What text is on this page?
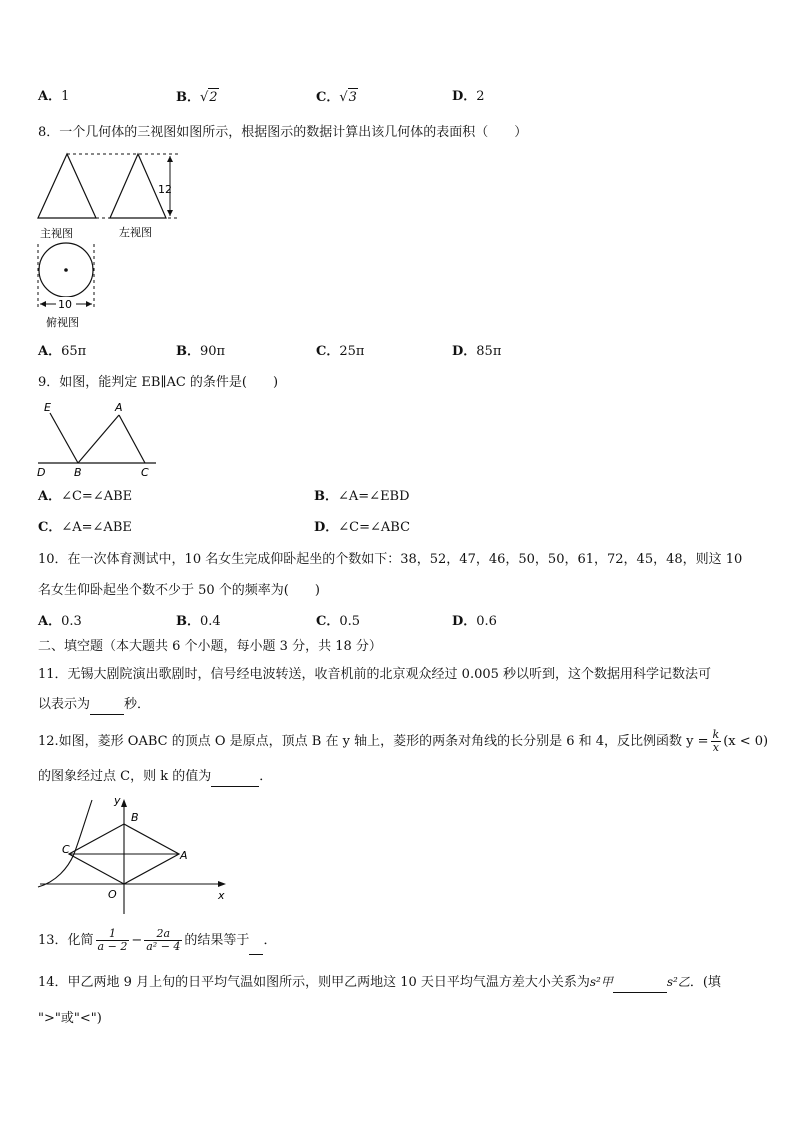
A．1	B．√ 2	C．√ 3	D．2
8．一个几何体的三视图如图所示，根据图示的数据计算出该几何体的表面积（　　）
12
主视图	左视图
10
俯视图
A．65π	B．90π	C．25π	D．85π
9．如图，能判定 EB∥AC 的条件是(　　)
E	A
D	B	C
A．∠C=∠ABE	B．∠A=∠EBD
C．∠A=∠ABE	D．∠C=∠ABC
10．在一次体育测试中，10 名女生完成仰卧起坐的个数如下：38，52，47，46，50，50，61，72，45，48，则这 10
名女生仰卧起坐个数不少于 50 个的频率为(　　)
A．0.3	B．0.4	C．0.5	D．0.6
二、填空题（本大题共 6 个小题，每小题 3 分，共 18 分）
11．无锡大剧院演出歌剧时，信号经电波转送，收音机前的北京观众经过 0.005 秒以听到，这个数据用科学记数法可
以表示为	秒．
12.如图，菱形 OABC 的顶点 O 是原点，顶点 B 在 y 轴上，菱形的两条对角线的长分别是 6 和 4，反比例函数 $y = \frac{k}{x} (x < 0)$
的图象经过点 C，则 k 的值为	．
y
x
B
C	A
O
13．化简 $\frac{1}{a - 2} - \frac{2a}{\text{a² − 4}}$ 的结果等于 ．
14．甲乙两地 9 月上旬的日平均气温如图所示，则甲乙两地这 10 天日平均气温方差大小关系为s²甲	s²乙．(填
">"或"<")
